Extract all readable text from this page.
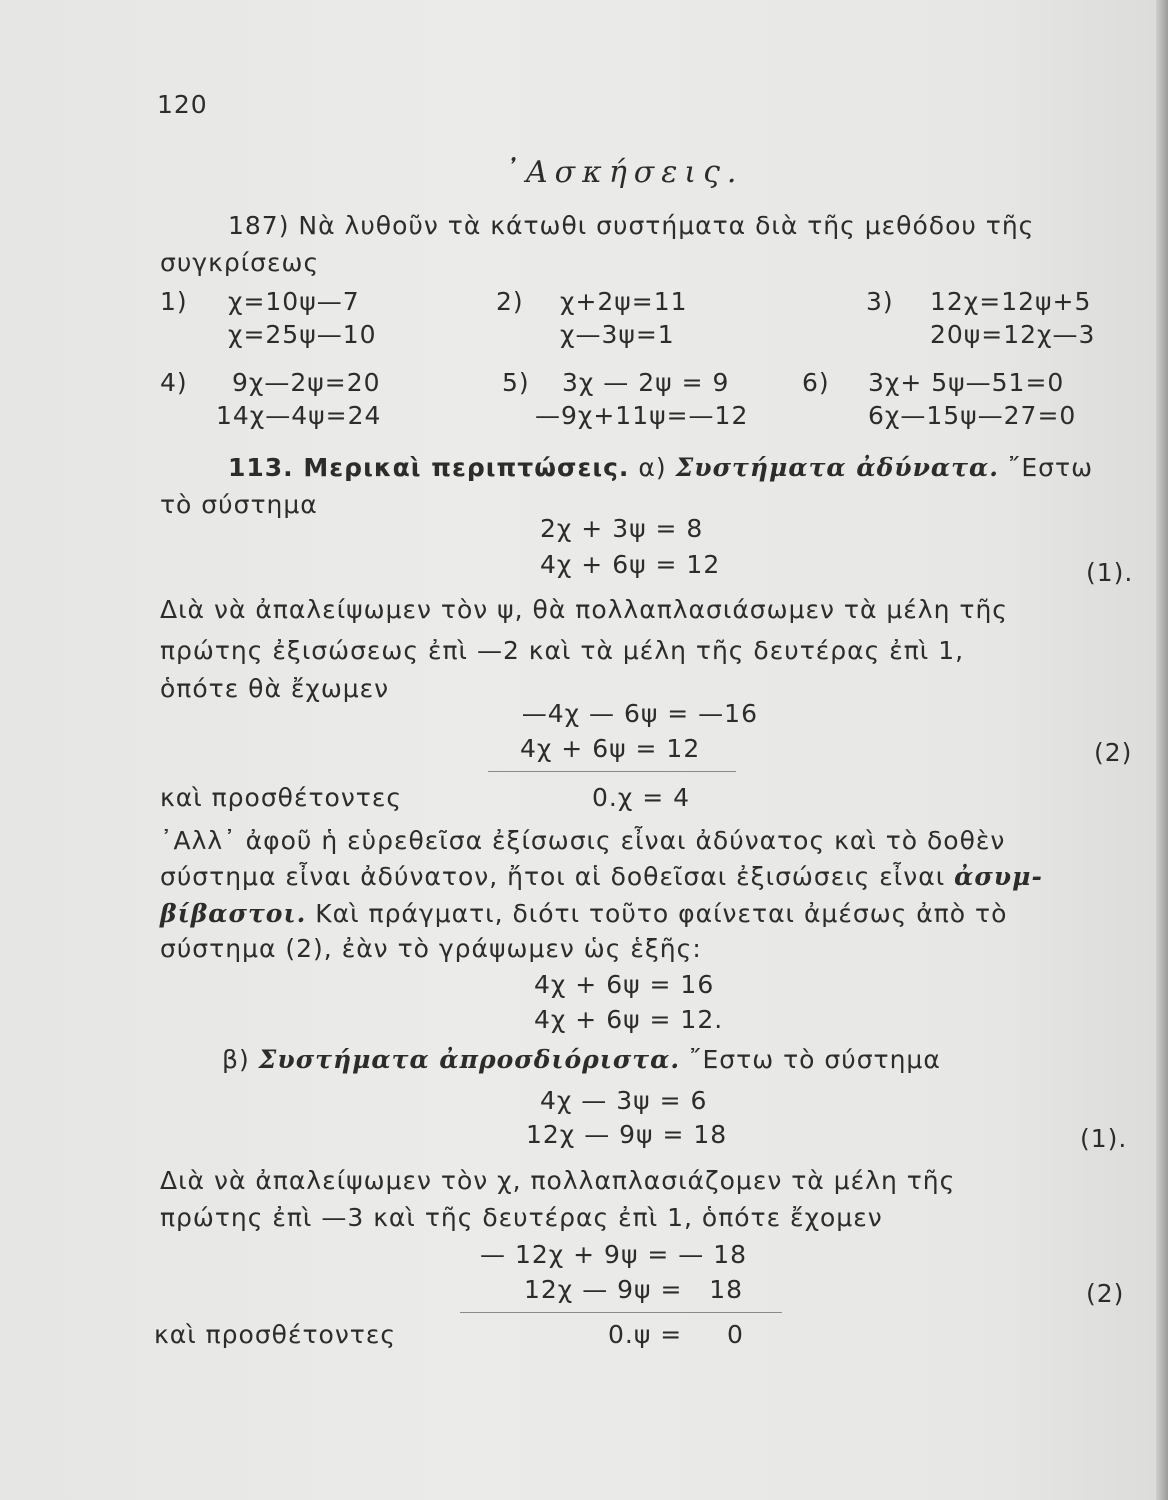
120
᾿Ασκήσεις.
187) Νὰ λυθοῦν τὰ κάτωθι συστήματα διὰ τῆς μεθόδου τῆς
συγκρίσεως
1) χ=10ψ—7
χ=25ψ—10
2) χ+2ψ=11
χ—3ψ=1
3) 12χ=12ψ+5
20ψ=12χ—3
4) 9χ—2ψ=20
14χ—4ψ=24
5) 3χ — 2ψ = 9
—9χ+11ψ=—12
6) 3χ+ 5ψ—51=0
6χ—15ψ—27=0
113. Μερικαὶ περιπτώσεις. α) Συστήματα ἀδύνατα. ῎Εστω
τὸ σύστημα
2χ + 3ψ = 8
4χ + 6ψ = 12	(1).
Διὰ νὰ ἀπαλείψωμεν τὸν ψ, θὰ πολλαπλασιάσωμεν τὰ μέλη τῆς
πρώτης ἐξισώσεως ἐπὶ —2 καὶ τὰ μέλη τῆς δευτέρας ἐπὶ 1,
ὁπότε θὰ ἔχωμεν
—4χ — 6ψ = —16
4χ + 6ψ = 12	(2)
καὶ προσθέτοντες	0.χ = 4
᾿Αλλ᾿ ἀφοῦ ἡ εὑρεθεῖσα ἐξίσωσις εἶναι ἀδύνατος καὶ τὸ δοθὲν
σύστημα εἶναι ἀδύνατον, ἤτοι αἱ δοθεῖσαι ἐξισώσεις εἶναι ἀσυμ-
βίβαστοι. Καὶ πράγματι, διότι τοῦτο φαίνεται ἀμέσως ἀπὸ τὸ
σύστημα (2), ἐὰν τὸ γράψωμεν ὡς ἑξῆς:
4χ + 6ψ = 16
4χ + 6ψ = 12.
β) Συστήματα ἀπροσδιόριστα. ῎Εστω τὸ σύστημα
4χ — 3ψ = 6
12χ — 9ψ = 18	(1).
Διὰ νὰ ἀπαλείψωμεν τὸν χ, πολλαπλασιάζομεν τὰ μέλη τῆς
πρώτης ἐπὶ —3 καὶ τῆς δευτέρας ἐπὶ 1, ὁπότε ἔχομεν
— 12χ + 9ψ = — 18
12χ — 9ψ =   18	(2)
καὶ προσθέτοντες	0.ψ =     0
